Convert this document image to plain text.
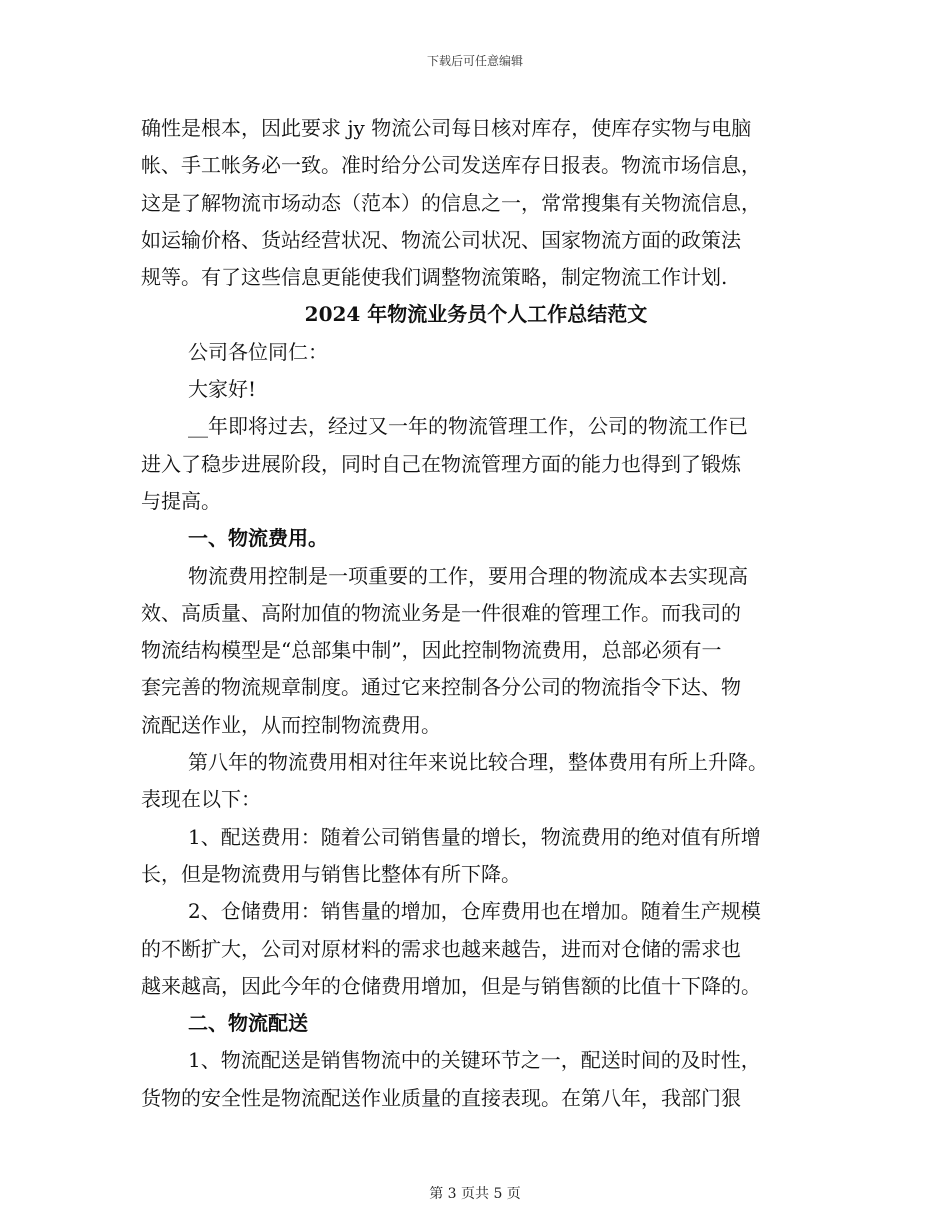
下载后可任意编辑
确性是根本，因此要求 jy 物流公司每日核对库存，使库存实物与电脑
帐、手工帐务必一致。准时给分公司发送库存日报表。物流市场信息，
这是了解物流市场动态（范本）的信息之一，常常搜集有关物流信息，
如运输价格、货站经营状况、物流公司状况、国家物流方面的政策法
规等。有了这些信息更能使我们调整物流策略，制定物流工作计划.
2024 年物流业务员个人工作总结范文
公司各位同仁：
大家好!
__年即将过去，经过又一年的物流管理工作，公司的物流工作已
进入了稳步进展阶段，同时自己在物流管理方面的能力也得到了锻炼
与提高。
一、物流费用。
物流费用控制是一项重要的工作，要用合理的物流成本去实现高
效、高质量、高附加值的物流业务是一件很难的管理工作。而我司的
物流结构模型是“总部集中制”，因此控制物流费用，总部必须有一
套完善的物流规章制度。通过它来控制各分公司的物流指令下达、物
流配送作业，从而控制物流费用。
第八年的物流费用相对往年来说比较合理，整体费用有所上升降。
表现在以下：
1、配送费用：随着公司销售量的增长，物流费用的绝对值有所增
长，但是物流费用与销售比整体有所下降。
2、仓储费用：销售量的增加，仓库费用也在增加。随着生产规模
的不断扩大，公司对原材料的需求也越来越告，进而对仓储的需求也
越来越高，因此今年的仓储费用增加，但是与销售额的比值十下降的。
二、物流配送
1、物流配送是销售物流中的关键环节之一，配送时间的及时性，
货物的安全性是物流配送作业质量的直接表现。在第八年，我部门狠
第 3 页共 5 页
